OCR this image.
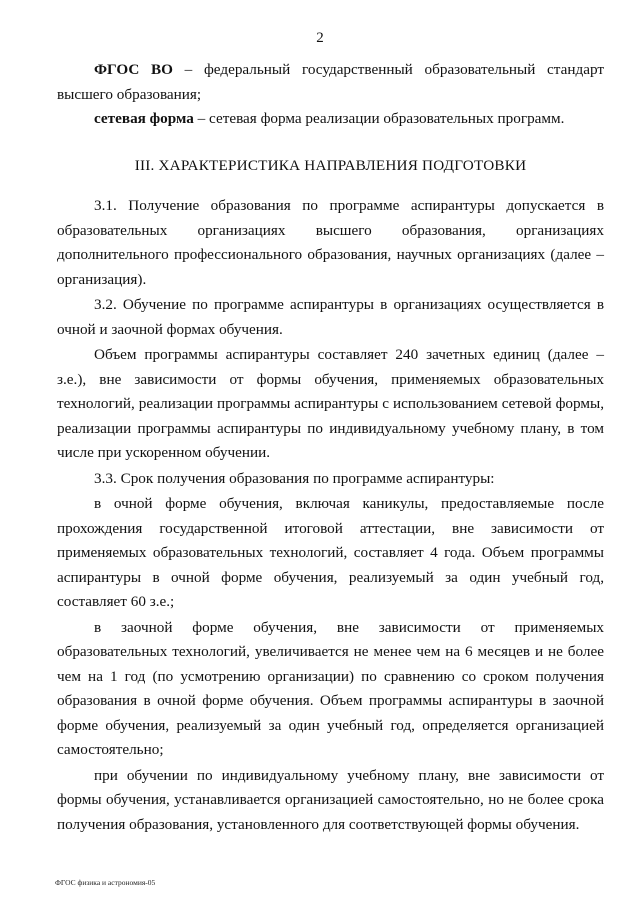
2

ФГОС ВО – федеральный государственный образовательный стандарт высшего образования;

сетевая форма – сетевая форма реализации образовательных программ.

III. ХАРАКТЕРИСТИКА НАПРАВЛЕНИЯ ПОДГОТОВКИ

3.1. Получение образования по программе аспирантуры допускается в образовательных организациях высшего образования, организациях дополнительного профессионального образования, научных организациях (далее – организация).

3.2. Обучение по программе аспирантуры в организациях осуществляется в очной и заочной формах обучения.

Объем программы аспирантуры составляет 240 зачетных единиц (далее – з.е.), вне зависимости от формы обучения, применяемых образовательных технологий, реализации программы аспирантуры с использованием сетевой формы, реализации программы аспирантуры по индивидуальному учебному плану, в том числе при ускоренном обучении.

3.3. Срок получения образования по программе аспирантуры:

в очной форме обучения, включая каникулы, предоставляемые после прохождения государственной итоговой аттестации, вне зависимости от применяемых образовательных технологий, составляет 4 года. Объем программы аспирантуры в очной форме обучения, реализуемый за один учебный год, составляет 60 з.е.;

в заочной форме обучения, вне зависимости от применяемых образовательных технологий, увеличивается не менее чем на 6 месяцев и не более чем на 1 год (по усмотрению организации) по сравнению со сроком получения образования в очной форме обучения. Объем программы аспирантуры в заочной форме обучения, реализуемый за один учебный год, определяется организацией самостоятельно;

при обучении по индивидуальному учебному плану, вне зависимости от формы обучения, устанавливается организацией самостоятельно, но не более срока получения образования, установленного для соответствующей формы обучения.

ФГОС физика и астрономия-05
